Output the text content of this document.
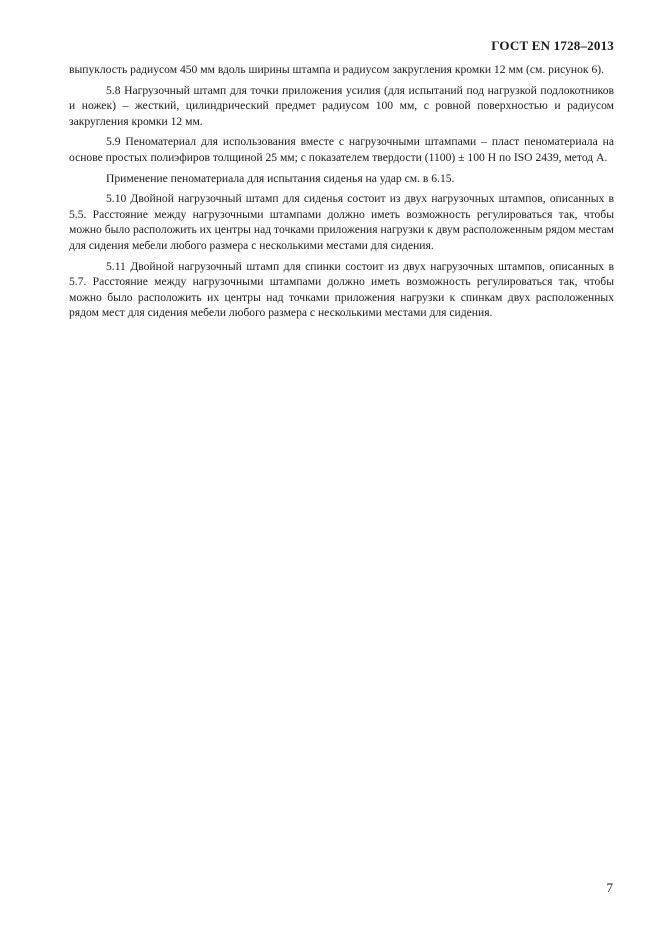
ГОСТ EN 1728–2013

выпуклость радиусом 450 мм вдоль ширины штампа и радиусом закругления кромки 12 мм (см. рисунок 6).

5.8 Нагрузочный штамп для точки приложения усилия (для испытаний под нагрузкой подлокотников и ножек) – жесткий, цилиндрический предмет радиусом 100 мм, с ровной поверхностью и радиусом закругления кромки 12 мм.

5.9 Пеноматериал для использования вместе с нагрузочными штампами – пласт пеноматериала на основе простых полиэфиров толщиной 25 мм; с показателем твердости (1100) ± 100 Н по ISO 2439, метод А.

Применение пеноматериала для испытания сиденья на удар см. в 6.15.

5.10 Двойной нагрузочный штамп для сиденья состоит из двух нагрузочных штампов, описанных в 5.5. Расстояние между нагрузочными штампами должно иметь возможность регулироваться так, чтобы можно было расположить их центры над точками приложения нагрузки к двум расположенным рядом местам для сидения мебели любого размера с несколькими местами для сидения.

5.11 Двойной нагрузочный штамп для спинки состоит из двух нагрузочных штампов, описанных в 5.7. Расстояние между нагрузочными штампами должно иметь возможность регулироваться так, чтобы можно было расположить их центры над точками приложения нагрузки к спинкам двух расположенных рядом мест для сидения мебели любого размера с несколькими местами для сидения.

7
